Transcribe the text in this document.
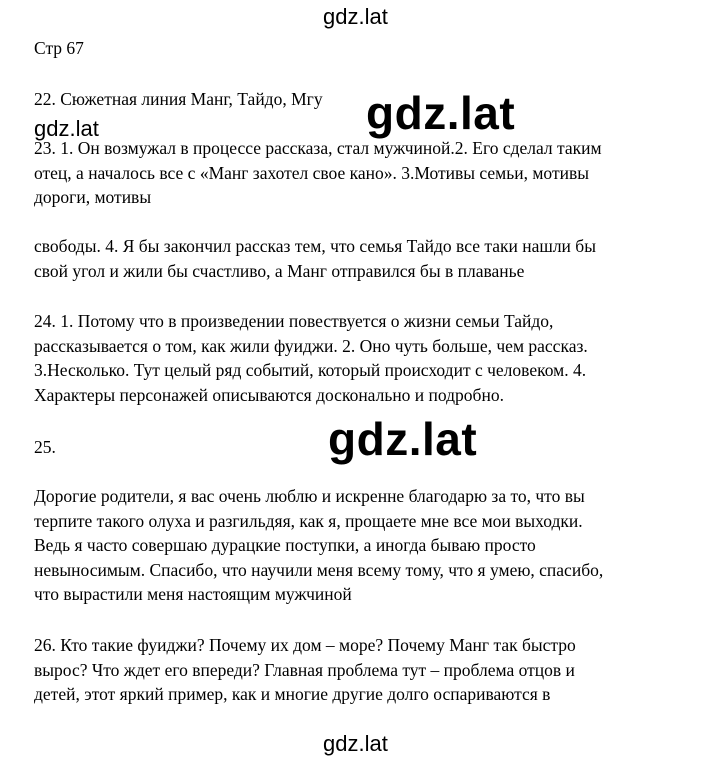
gdz.lat
Стр 67
22. Сюжетная линия Манг, Тайдо, Мгу
gdz.lat	gdz.lat
23. 1. Он возмужал в процессе рассказа, стал мужчиной.2. Его сделал таким
отец, а началось все с «Манг захотел свое кано». 3.Мотивы семьи, мотивы
дороги, мотивы
свободы. 4. Я бы закончил рассказ тем, что семья Тайдо все таки нашли бы
свой угол и жили бы счастливо, а Манг отправился бы в плаванье
24. 1. Потому что в произведении повествуется о жизни семьи Тайдо,
рассказывается о том, как жили фуиджи. 2. Оно чуть больше, чем рассказ.
3.Несколько. Тут целый ряд событий, который происходит с человеком. 4.
Характеры персонажей описываются досконально и подробно.
25.	gdz.lat
Дорогие родители, я вас очень люблю и искренне благодарю за то, что вы
терпите такого олуха и разгильдяя, как я, прощаете мне все мои выходки.
Ведь я часто совершаю дурацкие поступки, а иногда бываю просто
невыносимым. Спасибо, что научили меня всему тому, что я умею, спасибо,
что вырастили меня настоящим мужчиной
26. Кто такие фуиджи? Почему их дом – море? Почему Манг так быстро
вырос? Что ждет его впереди? Главная проблема тут – проблема отцов и
детей, этот яркий пример, как и многие другие долго оспариваются в
gdz.lat
